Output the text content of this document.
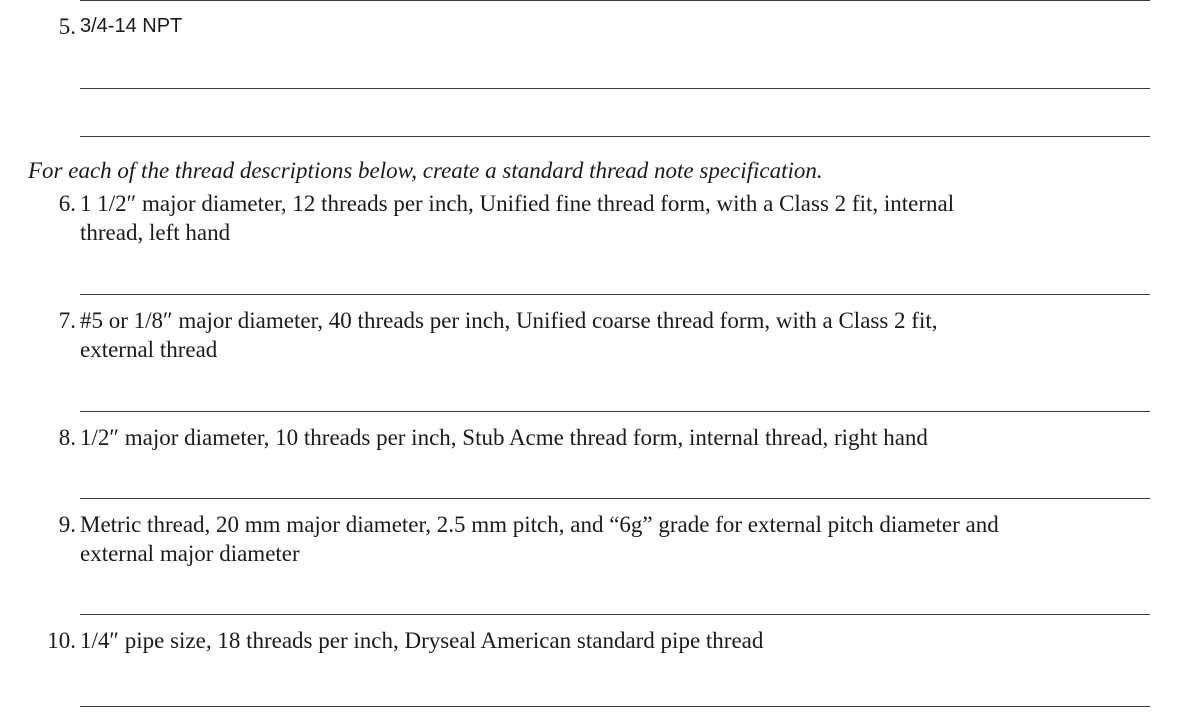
5. 3/4-14 NPT
For each of the thread descriptions below, create a standard thread note specification.
6. 1 1/2″ major diameter, 12 threads per inch, Unified fine thread form, with a Class 2 fit, internal
thread, left hand
7. #5 or 1/8″ major diameter, 40 threads per inch, Unified coarse thread form, with a Class 2 fit,
external thread
8. 1/2″ major diameter, 10 threads per inch, Stub Acme thread form, internal thread, right hand
9. Metric thread, 20 mm major diameter, 2.5 mm pitch, and “6g” grade for external pitch diameter and
external major diameter
10. 1/4″ pipe size, 18 threads per inch, Dryseal American standard pipe thread
